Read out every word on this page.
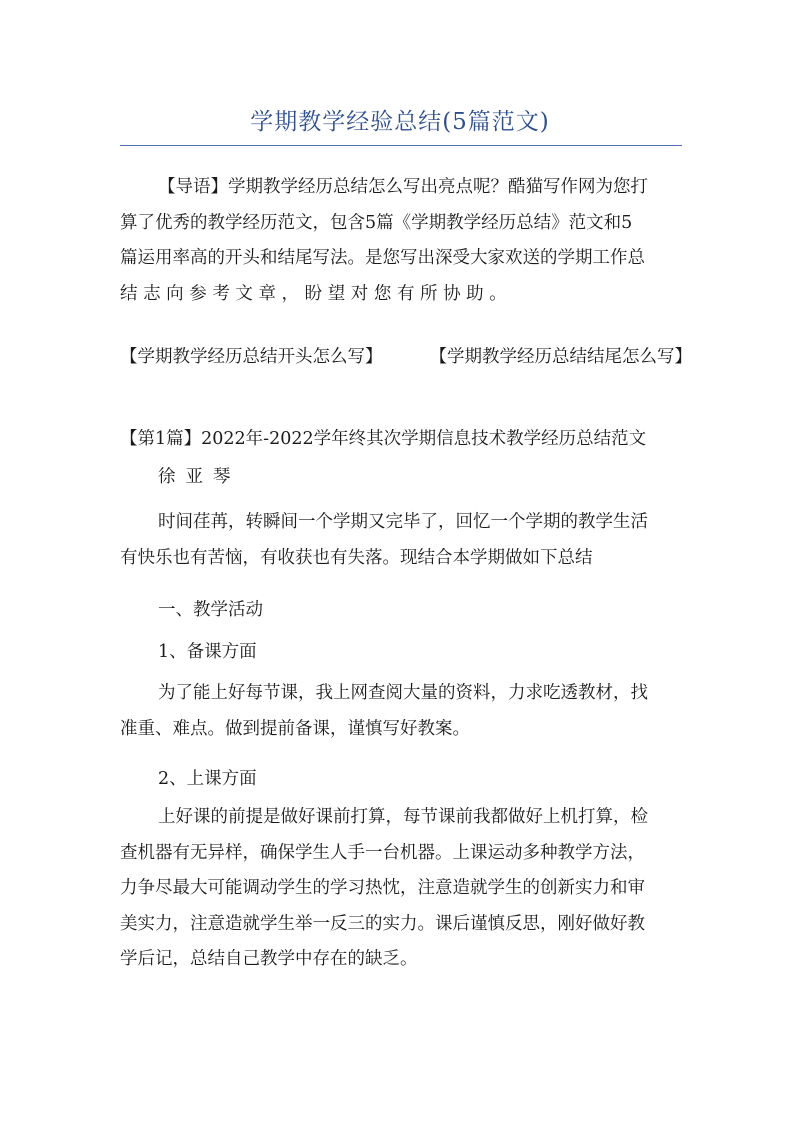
学期教学经验总结(5篇范文)
【导语】学期教学经历总结怎么写出亮点呢？酷猫写作网为您打
算了优秀的教学经历范文，包含5篇《学期教学经历总结》范文和5
篇运用率高的开头和结尾写法。是您写出深受大家欢送的学期工作总
结 志 向 参 考 文 章 ， 盼 望 对 您 有 所 协 助 。
【学期教学经历总结开头怎么写】	【学期教学经历总结结尾怎么写】
【第1篇】2022年-2022学年终其次学期信息技术教学经历总结范文
徐亚琴
时间荏苒，转瞬间一个学期又完毕了，回忆一个学期的教学生活
有快乐也有苦恼，有收获也有失落。现结合本学期做如下总结
一、教学活动
1、备课方面
为了能上好每节课，我上网查阅大量的资料，力求吃透教材，找
准重、难点。做到提前备课，谨慎写好教案。
2、上课方面
上好课的前提是做好课前打算，每节课前我都做好上机打算，检
查机器有无异样，确保学生人手一台机器。上课运动多种教学方法，
力争尽最大可能调动学生的学习热忱，注意造就学生的创新实力和审
美实力，注意造就学生举一反三的实力。课后谨慎反思，刚好做好教
学后记，总结自己教学中存在的缺乏。
